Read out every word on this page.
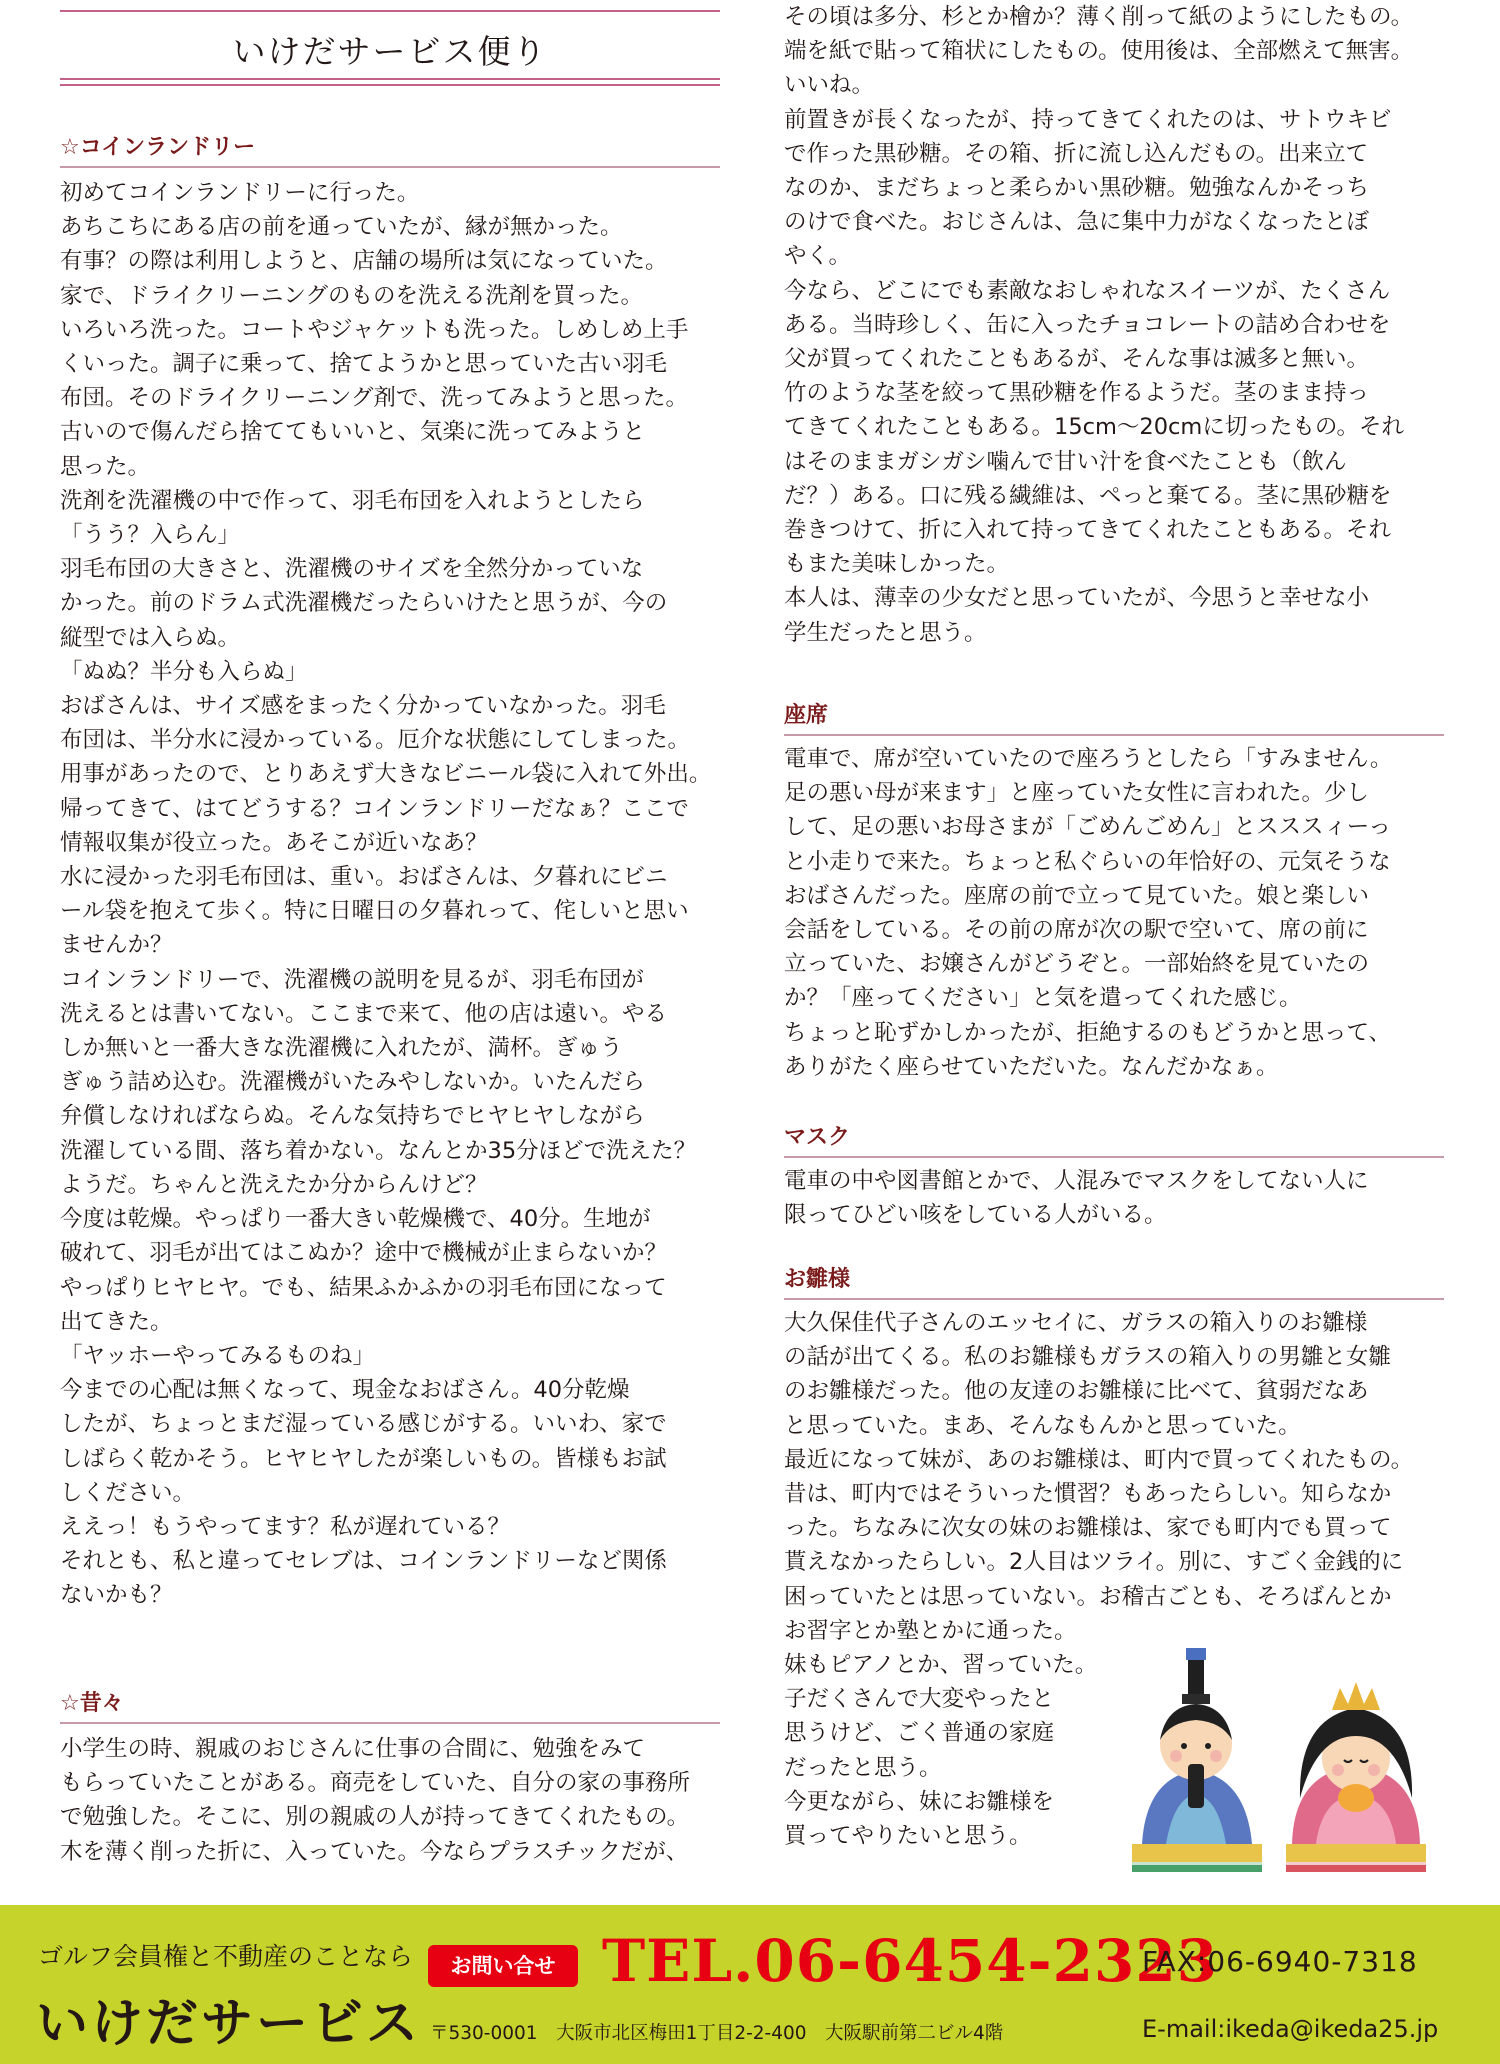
いけだサービス便り
☆コインランドリー

初めてコインランドリーに行った。

あちこちにある店の前を通っていたが、縁が無かった。

有事？の際は利用しようと、店舗の場所は気になっていた。

家で、ドライクリーニングのものを洗える洗剤を買った。

いろいろ洗った。コートやジャケットも洗った。しめしめ上手

くいった。調子に乗って、捨てようかと思っていた古い羽毛

布団。そのドライクリーニング剤で、洗ってみようと思った。

古いので傷んだら捨ててもいいと、気楽に洗ってみようと

思った。

洗剤を洗濯機の中で作って、羽毛布団を入れようとしたら

「うう？入らん」

羽毛布団の大きさと、洗濯機のサイズを全然分かっていな

かった。前のドラム式洗濯機だったらいけたと思うが、今の

縦型では入らぬ。

「ぬぬ？半分も入らぬ」

おばさんは、サイズ感をまったく分かっていなかった。羽毛

布団は、半分水に浸かっている。厄介な状態にしてしまった。

用事があったので、とりあえず大きなビニール袋に入れて外出。

帰ってきて、はてどうする？コインランドリーだなぁ？ここで

情報収集が役立った。あそこが近いなあ？

水に浸かった羽毛布団は、重い。おばさんは、夕暮れにビニ

ール袋を抱えて歩く。特に日曜日の夕暮れって、侘しいと思い

ませんか？

コインランドリーで、洗濯機の説明を見るが、羽毛布団が

洗えるとは書いてない。ここまで来て、他の店は遠い。やる

しか無いと一番大きな洗濯機に入れたが、満杯。ぎゅう

ぎゅう詰め込む。洗濯機がいたみやしないか。いたんだら

弁償しなければならぬ。そんな気持ちでヒヤヒヤしながら

洗濯している間、落ち着かない。なんとか35分ほどで洗えた？

ようだ。ちゃんと洗えたか分からんけど？

今度は乾燥。やっぱり一番大きい乾燥機で、40分。生地が

破れて、羽毛が出てはこぬか？途中で機械が止まらないか？

やっぱりヒヤヒヤ。でも、結果ふかふかの羽毛布団になって

出てきた。

「ヤッホーやってみるものね」

今までの心配は無くなって、現金なおばさん。40分乾燥

したが、ちょっとまだ湿っている感じがする。いいわ、家で

しばらく乾かそう。ヒヤヒヤしたが楽しいもの。皆様もお試

しください。

ええっ！もうやってます？私が遅れている？

それとも、私と違ってセレブは、コインランドリーなど関係

ないかも？

☆昔々

小学生の時、親戚のおじさんに仕事の合間に、勉強をみて

もらっていたことがある。商売をしていた、自分の家の事務所

で勉強した。そこに、別の親戚の人が持ってきてくれたもの。

木を薄く削った折に、入っていた。今ならプラスチックだが、

その頃は多分、杉とか檜か？薄く削って紙のようにしたもの。

端を紙で貼って箱状にしたもの。使用後は、全部燃えて無害。

いいね。

前置きが長くなったが、持ってきてくれたのは、サトウキビ

で作った黒砂糖。その箱、折に流し込んだもの。出来立て

なのか、まだちょっと柔らかい黒砂糖。勉強なんかそっち

のけで食べた。おじさんは、急に集中力がなくなったとぼ

やく。

今なら、どこにでも素敵なおしゃれなスイーツが、たくさん

ある。当時珍しく、缶に入ったチョコレートの詰め合わせを

父が買ってくれたこともあるが、そんな事は滅多と無い。

竹のような茎を絞って黒砂糖を作るようだ。茎のまま持っ

てきてくれたこともある。15cm〜20cmに切ったもの。それ

はそのままガシガシ噛んで甘い汁を食べたことも（飲ん

だ？）ある。口に残る繊維は、ペっと棄てる。茎に黒砂糖を

巻きつけて、折に入れて持ってきてくれたこともある。それ

もまた美味しかった。

本人は、薄幸の少女だと思っていたが、今思うと幸せな小

学生だったと思う。

座席

電車で、席が空いていたので座ろうとしたら「すみません。

足の悪い母が来ます」と座っていた女性に言われた。少し

して、足の悪いお母さまが「ごめんごめん」とスススィーっ

と小走りで来た。ちょっと私ぐらいの年恰好の、元気そうな

おばさんだった。座席の前で立って見ていた。娘と楽しい

会話をしている。その前の席が次の駅で空いて、席の前に

立っていた、お嬢さんがどうぞと。一部始終を見ていたの

か？「座ってください」と気を遣ってくれた感じ。

ちょっと恥ずかしかったが、拒絶するのもどうかと思って、

ありがたく座らせていただいた。なんだかなぁ。

マスク

電車の中や図書館とかで、人混みでマスクをしてない人に

限ってひどい咳をしている人がいる。

お雛様

大久保佳代子さんのエッセイに、ガラスの箱入りのお雛様

の話が出てくる。私のお雛様もガラスの箱入りの男雛と女雛

のお雛様だった。他の友達のお雛様に比べて、貧弱だなあ

と思っていた。まあ、そんなもんかと思っていた。

最近になって妹が、あのお雛様は、町内で買ってくれたもの。

昔は、町内ではそういった慣習？もあったらしい。知らなか

った。ちなみに次女の妹のお雛様は、家でも町内でも買って

貰えなかったらしい。2人目はツライ。別に、すごく金銭的に

困っていたとは思っていない。お稽古ごとも、そろばんとか

お習字とか塾とかに通った。

妹もピアノとか、習っていた。

子だくさんで大変やったと

思うけど、ごく普通の家庭

だったと思う。

今更ながら、妹にお雛様を

買ってやりたいと思う。

ゴルフ会員権と不動産のことなら
いけだサービス
お問い合せ TEL.06-6454-2323
FAX:06-6940-7318
〒530-0001　大阪市北区梅田1丁目2-2-400　大阪駅前第二ビル4階	E-mail:ikeda@ikeda25.jp
